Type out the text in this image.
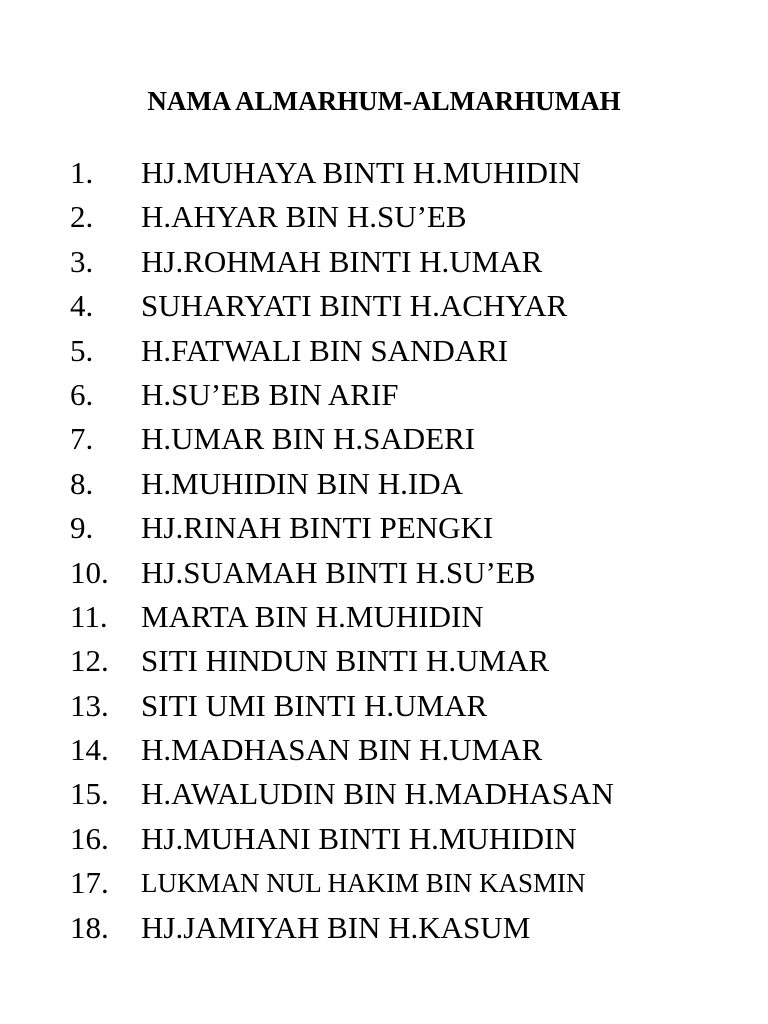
NAMA ALMARHUM-ALMARHUMAH
1. HJ.MUHAYA BINTI H.MUHIDIN
2. H.AHYAR BIN H.SU’EB
3. HJ.ROHMAH BINTI H.UMAR
4. SUHARYATI BINTI H.ACHYAR
5. H.FATWALI BIN SANDARI
6. H.SU’EB BIN ARIF
7. H.UMAR BIN H.SADERI
8. H.MUHIDIN BIN H.IDA
9. HJ.RINAH BINTI PENGKI
10. HJ.SUAMAH BINTI H.SU’EB
11. MARTA BIN H.MUHIDIN
12. SITI HINDUN BINTI H.UMAR
13. SITI UMI BINTI H.UMAR
14. H.MADHASAN BIN H.UMAR
15. H.AWALUDIN BIN H.MADHASAN
16. HJ.MUHANI BINTI H.MUHIDIN
17. LUKMAN NUL HAKIM BIN KASMIN
18. HJ.JAMIYAH BIN H.KASUM
